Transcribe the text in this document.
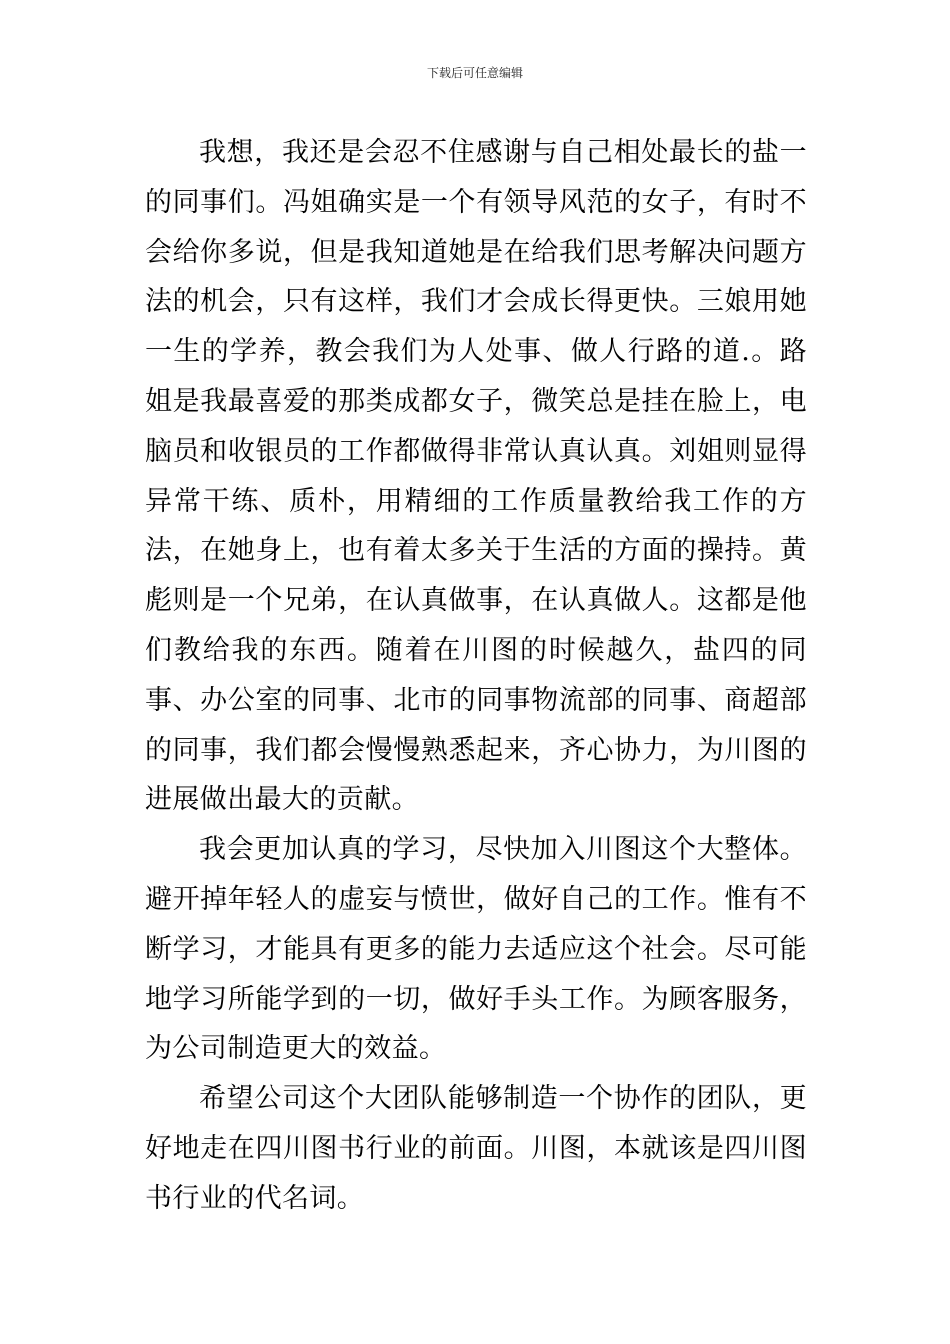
下载后可任意编辑

我想，我还是会忍不住感谢与自己相处最长的盐一的同事们。冯姐确实是一个有领导风范的女子，有时不会给你多说，但是我知道她是在给我们思考解决问题方法的机会，只有这样，我们才会成长得更快。三娘用她一生的学养，教会我们为人处事、做人行路的道.。路姐是我最喜爱的那类成都女子，微笑总是挂在脸上，电脑员和收银员的工作都做得非常认真认真。刘姐则显得异常干练、质朴，用精细的工作质量教给我工作的方法，在她身上，也有着太多关于生活的方面的操持。黄彪则是一个兄弟，在认真做事，在认真做人。这都是他们教给我的东西。随着在川图的时候越久，盐四的同事、办公室的同事、北市的同事物流部的同事、商超部的同事，我们都会慢慢熟悉起来，齐心协力，为川图的进展做出最大的贡献。

我会更加认真的学习，尽快加入川图这个大整体。避开掉年轻人的虚妄与愤世，做好自己的工作。惟有不断学习，才能具有更多的能力去适应这个社会。尽可能地学习所能学到的一切，做好手头工作。为顾客服务，为公司制造更大的效益。

希望公司这个大团队能够制造一个协作的团队，更好地走在四川图书行业的前面。川图，本就该是四川图书行业的代名词。
